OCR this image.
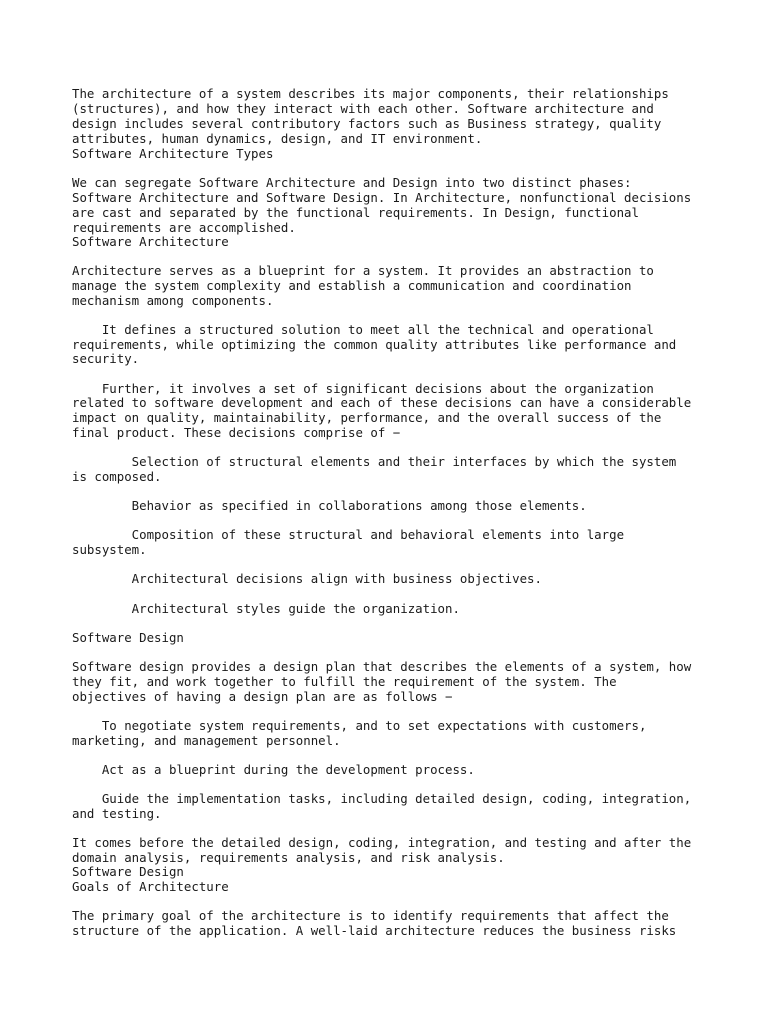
The architecture of a system describes its major components, their relationships

(structures), and how they interact with each other. Software architecture and

design includes several contributory factors such as Business strategy, quality

attributes, human dynamics, design, and IT environment.

Software Architecture Types

We can segregate Software Architecture and Design into two distinct phases:

Software Architecture and Software Design. In Architecture, nonfunctional decisions

are cast and separated by the functional requirements. In Design, functional

requirements are accomplished.

Software Architecture

Architecture serves as a blueprint for a system. It provides an abstraction to

manage the system complexity and establish a communication and coordination

mechanism among components.

It defines a structured solution to meet all the technical and operational

requirements, while optimizing the common quality attributes like performance and

security.

Further, it involves a set of significant decisions about the organization

related to software development and each of these decisions can have a considerable

impact on quality, maintainability, performance, and the overall success of the

final product. These decisions comprise of −

Selection of structural elements and their interfaces by which the system

is composed.

Behavior as specified in collaborations among those elements.

Composition of these structural and behavioral elements into large

subsystem.

Architectural decisions align with business objectives.

Architectural styles guide the organization.

Software Design

Software design provides a design plan that describes the elements of a system, how

they fit, and work together to fulfill the requirement of the system. The

objectives of having a design plan are as follows −

To negotiate system requirements, and to set expectations with customers,

marketing, and management personnel.

Act as a blueprint during the development process.

Guide the implementation tasks, including detailed design, coding, integration,

and testing.

It comes before the detailed design, coding, integration, and testing and after the

domain analysis, requirements analysis, and risk analysis.

Software Design

Goals of Architecture

The primary goal of the architecture is to identify requirements that affect the

structure of the application. A well-laid architecture reduces the business risks
